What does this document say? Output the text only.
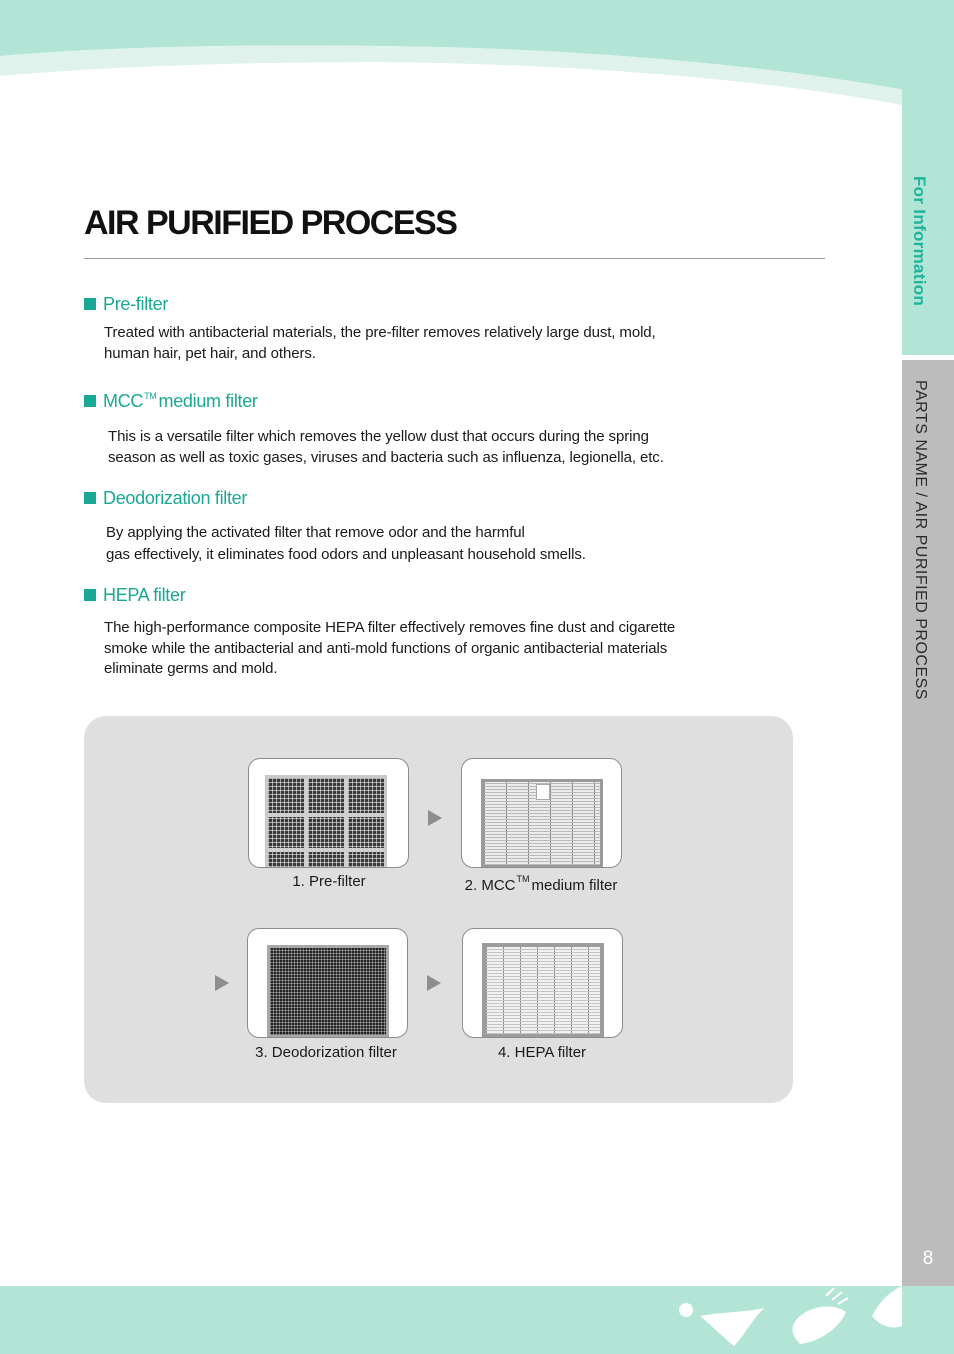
For Information
PARTS NAME / AIR PURIFIED PROCESS
AIR PURIFIED PROCESS
Pre-filter
Treated with antibacterial materials, the pre-filter removes relatively large dust, mold,
human hair, pet hair, and others.
MCC™ medium filter
This is a versatile filter which removes the yellow dust that occurs during the spring
season as well as toxic gases, viruses and bacteria such as influenza, legionella, etc.
Deodorization filter
By applying the activated filter that remove odor and the harmful
gas effectively, it eliminates food odors and unpleasant household smells.
HEPA filter
The high-performance composite HEPA filter effectively removes fine dust and cigarette
smoke while the antibacterial and anti-mold functions of organic antibacterial materials
eliminate germs and mold.
1. Pre-filter	2. MCC™ medium filter
3. Deodorization filter	4. HEPA filter
8
